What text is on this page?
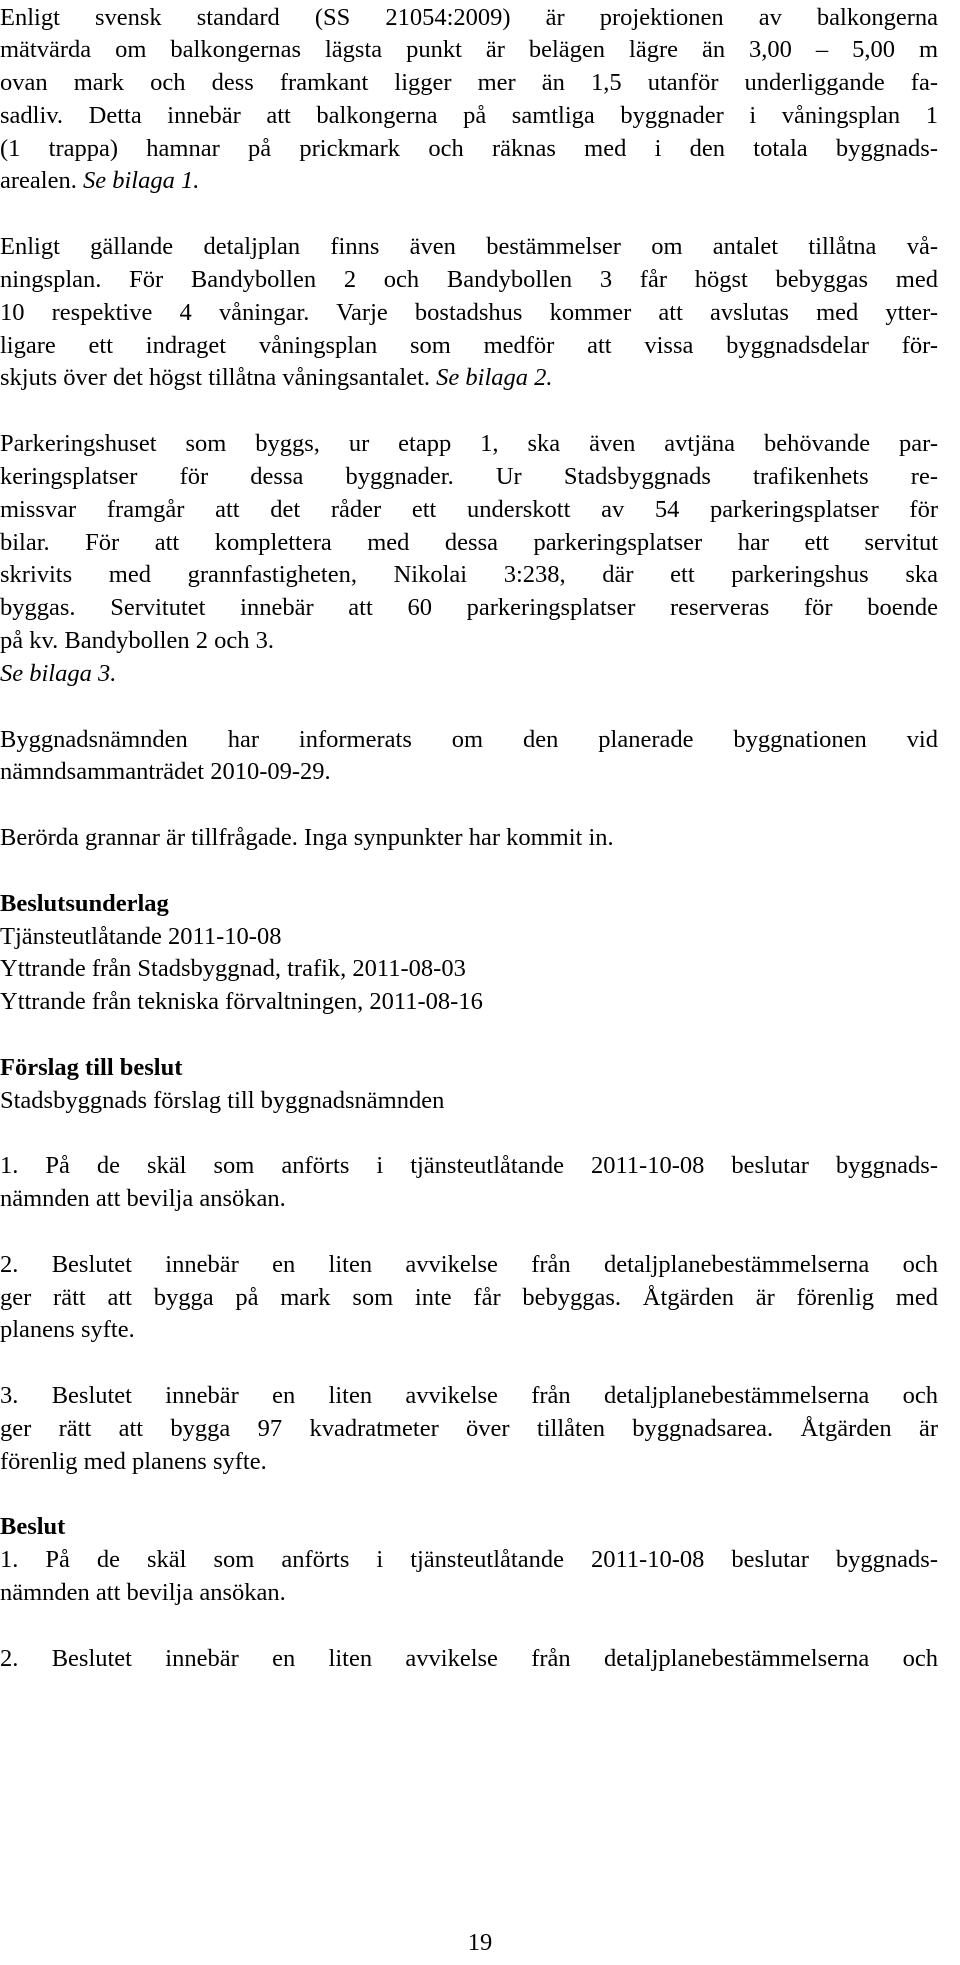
Enligt svensk standard (SS 21054:2009) är projektionen av balkongerna
mätvärda om balkongernas lägsta punkt är belägen lägre än 3,00 – 5,00 m
ovan mark och dess framkant ligger mer än 1,5 utanför underliggande fa-
sadliv. Detta innebär att balkongerna på samtliga byggnader i våningsplan 1
(1 trappa) hamnar på prickmark och räknas med i den totala byggnads-
arealen. Se bilaga 1.
Enligt gällande detaljplan finns även bestämmelser om antalet tillåtna vå-
ningsplan. För Bandybollen 2 och Bandybollen 3 får högst bebyggas med
10 respektive 4 våningar. Varje bostadshus kommer att avslutas med ytter-
ligare ett indraget våningsplan som medför att vissa byggnadsdelar för-
skjuts över det högst tillåtna våningsantalet. Se bilaga 2.
Parkeringshuset som byggs, ur etapp 1, ska även avtjäna behövande par-
keringsplatser för dessa byggnader. Ur Stadsbyggnads trafikenhets re-
missvar framgår att det råder ett underskott av 54 parkeringsplatser för
bilar. För att komplettera med dessa parkeringsplatser har ett servitut
skrivits med grannfastigheten, Nikolai 3:238, där ett parkeringshus ska
byggas. Servitutet innebär att 60 parkeringsplatser reserveras för boende
på kv. Bandybollen 2 och 3.
Se bilaga 3.
Byggnadsnämnden har informerats om den planerade byggnationen vid
nämndsammanträdet 2010-09-29.
Berörda grannar är tillfrågade. Inga synpunkter har kommit in.
Beslutsunderlag
Tjänsteutlåtande 2011-10-08
Yttrande från Stadsbyggnad, trafik, 2011-08-03
Yttrande från tekniska förvaltningen, 2011-08-16
Förslag till beslut
Stadsbyggnads förslag till byggnadsnämnden
1. På de skäl som anförts i tjänsteutlåtande 2011-10-08 beslutar byggnads-
nämnden att bevilja ansökan.
2. Beslutet innebär en liten avvikelse från detaljplanebestämmelserna och
ger rätt att bygga på mark som inte får bebyggas. Åtgärden är förenlig med
planens syfte.
3. Beslutet innebär en liten avvikelse från detaljplanebestämmelserna och
ger rätt att bygga 97 kvadratmeter över tillåten byggnadsarea. Åtgärden är
förenlig med planens syfte.
Beslut
1. På de skäl som anförts i tjänsteutlåtande 2011-10-08 beslutar byggnads-
nämnden att bevilja ansökan.
2. Beslutet innebär en liten avvikelse från detaljplanebestämmelserna och
19
